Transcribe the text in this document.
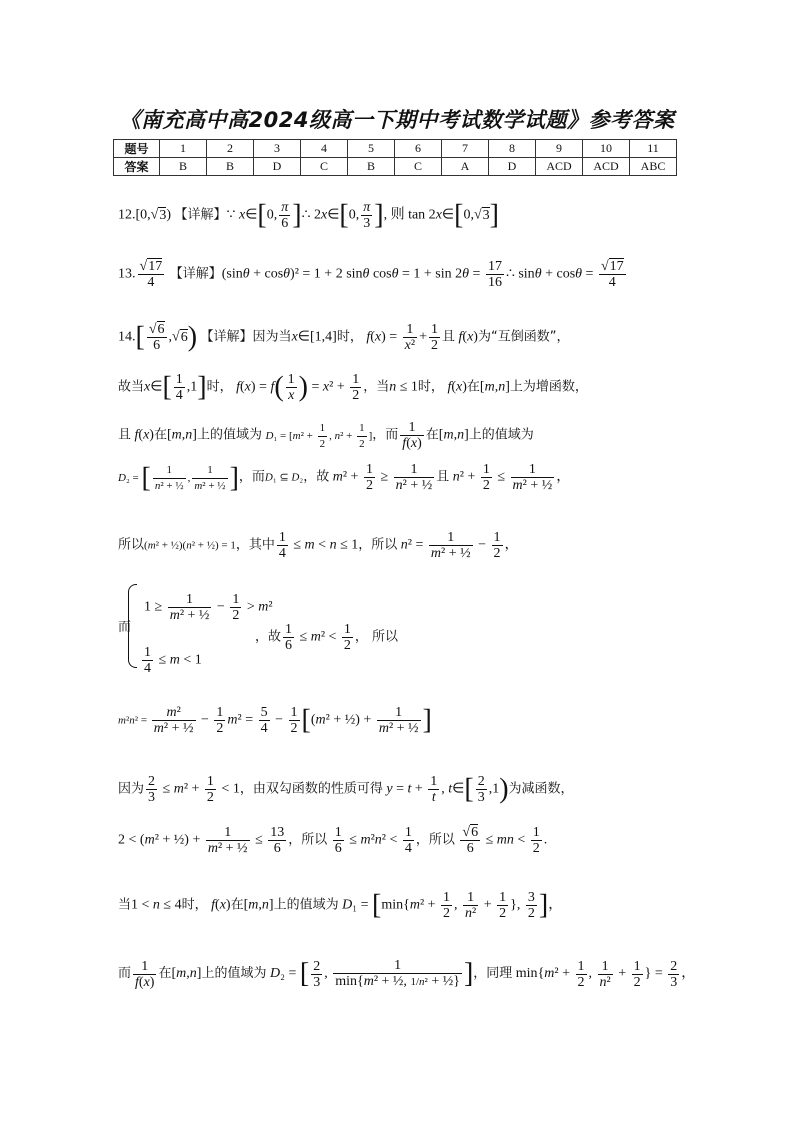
《南充高中高2024级高一下期中考试数学试题》参考答案
题号	1	2	3	4	5	6	7	8	9	10	11
答案	B	B	D	C	B	C	A	D	ACD	ACD	ABC
12.[0,√3) 【详解】∵ x∈[0, $\frac{\pi}{6}$ ]∴ 2x∈[0, $\frac{\pi}{3}$ ], 则 tan 2x∈[0,√3]
13. $\frac{√17}{4}$ 【详解】(sinθ + cosθ)² = 1 + 2 sinθ $\cos\theta = 1 + \sin 2\theta = \frac{17}{16}$ ∴ $\sin\theta + \cos\theta = \frac{√17}{4}$
$14.[ \frac{√6}{6} ,√6)$ 【详解】因为当x∈[1,4]时， $f(x) = \frac{1}{\text{x²}} + \frac{1}{2}$ 且 f(x)为“互倒函数”，
故当x∈[ $\frac{1}{4} ,1$]时， $f(x) = f( \frac{1}{x}$ ) = $x^2 + \frac{1}{2}$ ，当n ≤ 1时， f(x)在[m,n]上为增函数，
且 f(x)在[m,n]上的值域为 $D_1 = [m^2 + \frac{1}{2}$ , $n^2 + \frac{1}{2}$ ]，而 $\frac{1}{f(x)}$ 在[m,n]上的值域为
D₂ = [ $\frac{1}{\text{n² + ½}}$ , $\frac{1}{\text{m² + ½}}$ ]，而D₁ ⊆ D₂，故 $m^2 + \frac{1}{2} \ge \frac{1}{\text{n² + ½}}$ 且 $n^2 + \frac{1}{2} \le \frac{1}{\text{m² + ½}}$ ，
所以(m² + ½)(n² + ½) = 1，其中 $\frac{1}{4} \le m < n \le 1$，所以 $n^2 = \frac{1}{\text{m² + ½}} - \frac{1}{2}$ ，
而
$1 \ge \frac{1}{\text{m² + ½}} - \frac{1}{2} > m^2$
$\frac{1}{4} \le m < 1$
，故 $\frac{1}{6} \le m^2 < \frac{1}{2}$ ， 所以
$m^2n^2 = \frac{\text{m²}}{\text{m² + ½}} - \frac{1}{2} m^2 = \frac{5}{4} - \frac{1}{2} [(m^2$ + ½) + $\frac{1}{\text{m² + ½}}$ ]
因为 $\frac{2}{3} \le m^2 + \frac{1}{2} < 1$，由双勾函数的性质可得 $y = t + \frac{1}{t}$ , t∈[ $\frac{2}{3} ,1$)为减函数，
2 < (m² + ½) + $\frac{1}{\text{m² + ½}} \le \frac{13}{6}$ ，所以 $\frac{1}{6} \le m^2n^2 < \frac{1}{4}$ ，所以 $\frac{√6}{6}$ ≤ mn < $\frac{1}{2}$ .
当1 < n ≤ 4时， f(x)在[m,n]上的值域为 $D_1 = [\min\{m^2 + \frac{1}{2}$ , $\frac{1}{\text{n²}} + \frac{1}{2}$ }, $\frac{3}{2}$ ]，
而 $\frac{1}{f(x)}$ 在[m,n]上的值域为 D₂ = [ $\frac{2}{3}$ , $\frac{1}{\text{min\{m² + ½, 1/n² + ½\}}}$ ]，同理 $\min\{m^2 + \frac{1}{2}$ , $\frac{1}{\text{n²}} + \frac{1}{2}$ } = $\frac{2}{3}$ ，
